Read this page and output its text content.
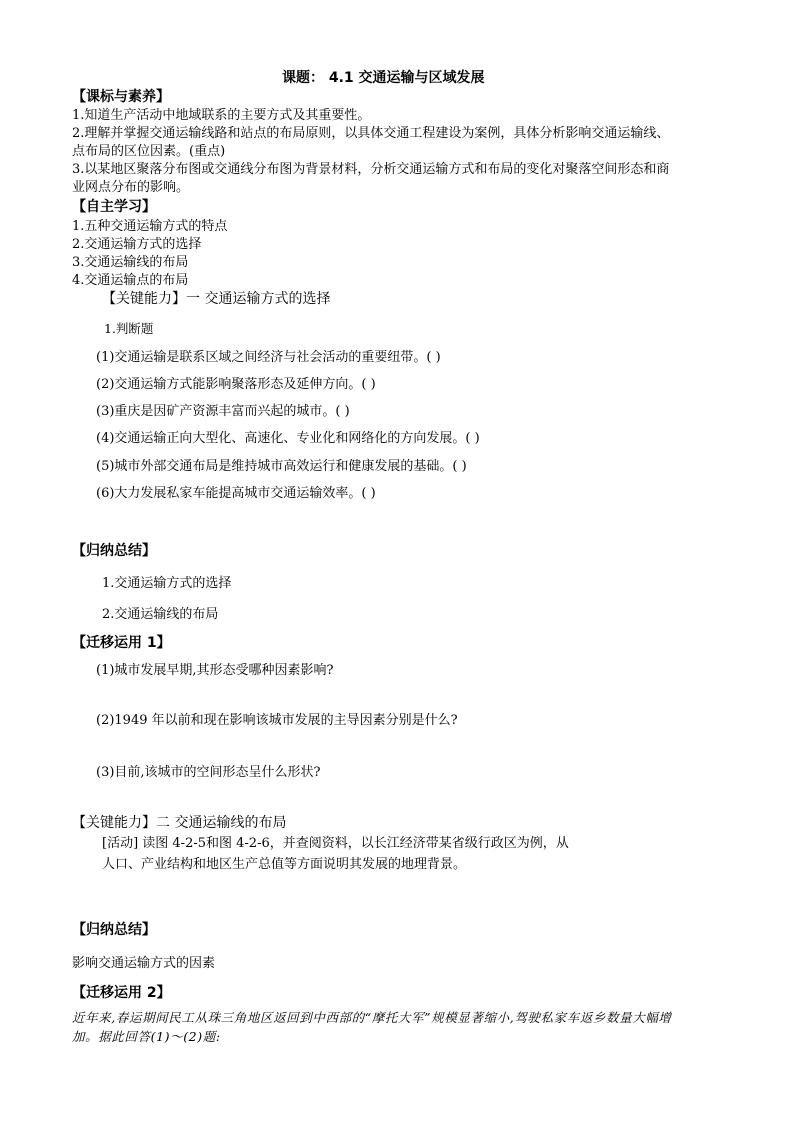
课题： 4.1 交通运输与区域发展
【课标与素养】
1.知道生产活动中地域联系的主要方式及其重要性。
2.理解并掌握交通运输线路和站点的布局原则，以具体交通工程建设为案例，具体分析影响交通运输线、
点布局的区位因素。(重点)
3.以某地区聚落分布图或交通线分布图为背景材料，分析交通运输方式和布局的变化对聚落空间形态和商
业网点分布的影响。
【自主学习】
1.五种交通运输方式的特点
2.交通运输方式的选择
3.交通运输线的布局
4.交通运输点的布局
【关键能力】一 交通运输方式的选择
1.判断题
(1)交通运输是联系区域之间经济与社会活动的重要纽带。( )
(2)交通运输方式能影响聚落形态及延伸方向。( )
(3)重庆是因矿产资源丰富而兴起的城市。( )
(4)交通运输正向大型化、高速化、专业化和网络化的方向发展。( )
(5)城市外部交通布局是维持城市高效运行和健康发展的基础。( )
(6)大力发展私家车能提高城市交通运输效率。( )
【归纳总结】
1.交通运输方式的选择
2.交通运输线的布局
【迁移运用 1】
(1)城市发展早期,其形态受哪种因素影响?
(2)1949 年以前和现在影响该城市发展的主导因素分别是什么?
(3)目前,该城市的空间形态呈什么形状?
【关键能力】二 交通运输线的布局
[活动] 读图 4-2-5和图 4-2-6，并查阅资料，以长江经济带某省级行政区为例，从
人口、产业结构和地区生产总值等方面说明其发展的地理背景。
【归纳总结】
影响交通运输方式的因素
【迁移运用 2】
近年来,春运期间民工从珠三角地区返回到中西部的“摩托大军”规模显著缩小,驾驶私家车返乡数量大幅增
加。据此回答(1)～(2)题:
